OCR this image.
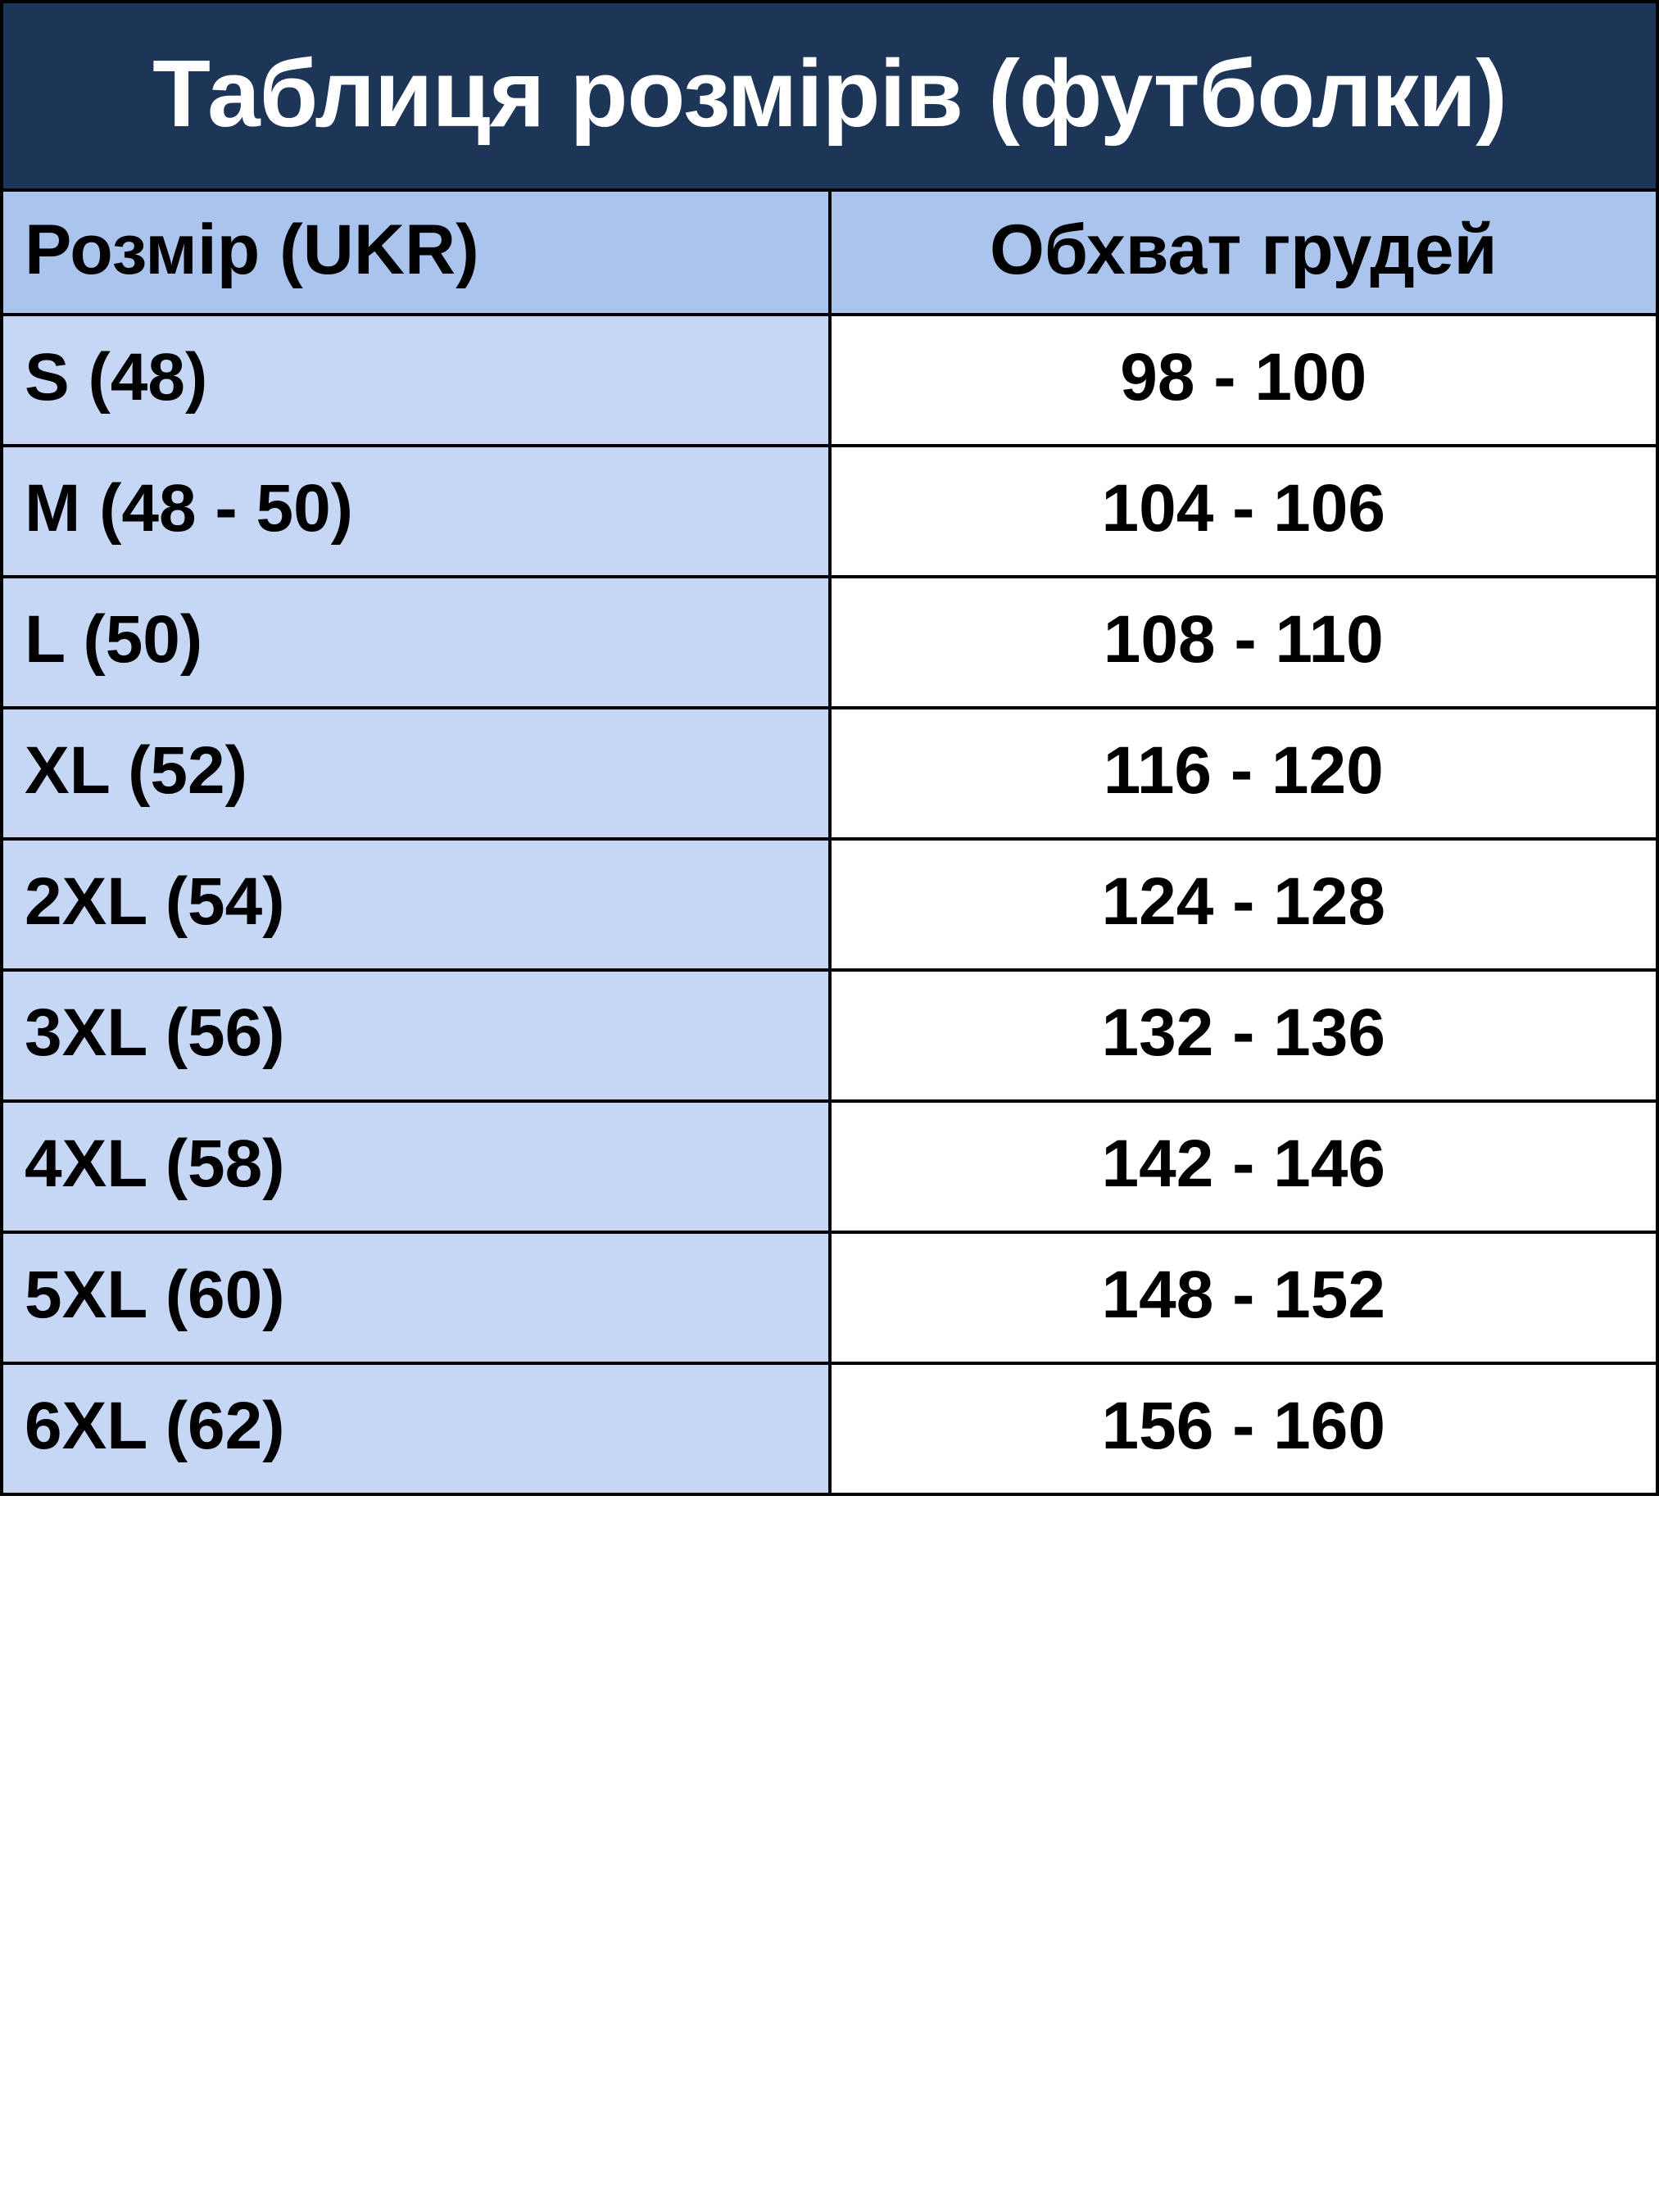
Таблиця розмірів (футболки)	
Розмір (UKR)	Обхват грудей
S (48)	98 - 100
M (48 - 50)	104 - 106
L (50)	108 - 110
XL (52)	116 - 120
2XL (54)	124 - 128
3XL (56)	132 - 136
4XL (58)	142 - 146
5XL (60)	148 - 152
6XL (62)	156 - 160
